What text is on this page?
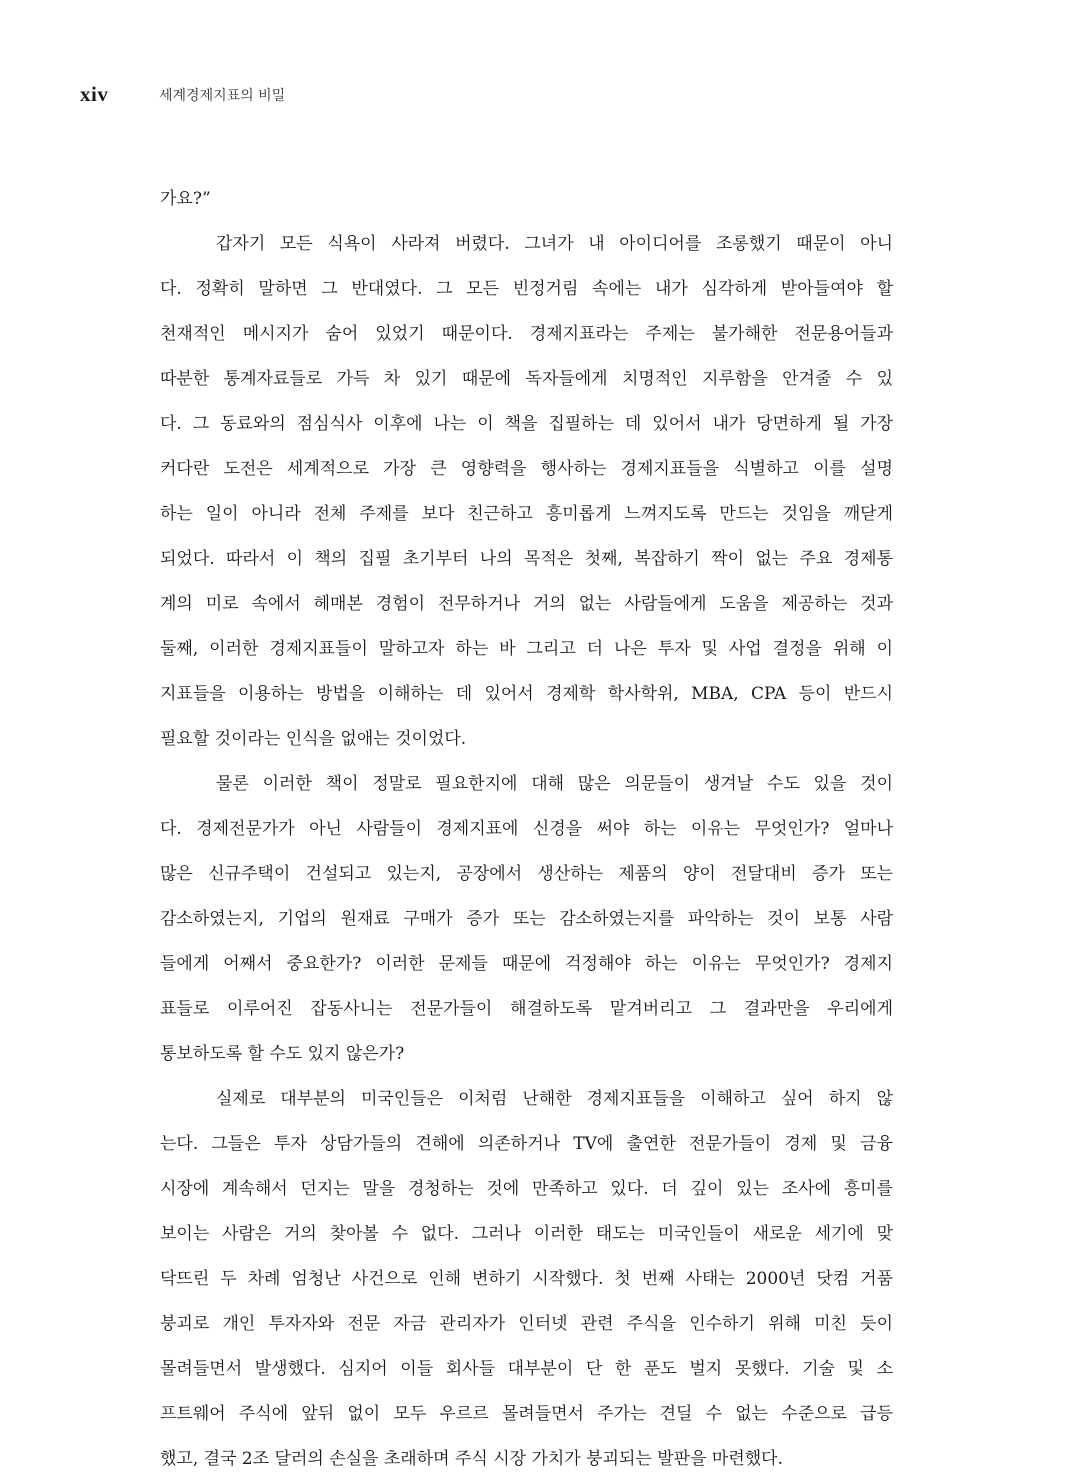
xiv	세계경제지표의 비밀
가요?”
갑자기 모든 식욕이 사라져 버렸다. 그녀가 내 아이디어를 조롱했기 때문이 아니
다. 정확히 말하면 그 반대였다. 그 모든 빈정거림 속에는 내가 심각하게 받아들여야 할
천재적인 메시지가 숨어 있었기 때문이다. 경제지표라는 주제는 불가해한 전문용어들과
따분한 통계자료들로 가득 차 있기 때문에 독자들에게 치명적인 지루함을 안겨줄 수 있
다. 그 동료와의 점심식사 이후에 나는 이 책을 집필하는 데 있어서 내가 당면하게 될 가장
커다란 도전은 세계적으로 가장 큰 영향력을 행사하는 경제지표들을 식별하고 이를 설명
하는 일이 아니라 전체 주제를 보다 친근하고 흥미롭게 느껴지도록 만드는 것임을 깨닫게
되었다. 따라서 이 책의 집필 초기부터 나의 목적은 첫째, 복잡하기 짝이 없는 주요 경제통
계의 미로 속에서 헤매본 경험이 전무하거나 거의 없는 사람들에게 도움을 제공하는 것과
둘째, 이러한 경제지표들이 말하고자 하는 바 그리고 더 나은 투자 및 사업 결정을 위해 이
지표들을 이용하는 방법을 이해하는 데 있어서 경제학 학사학위, MBA, CPA 등이 반드시
필요할 것이라는 인식을 없애는 것이었다.
물론 이러한 책이 정말로 필요한지에 대해 많은 의문들이 생겨날 수도 있을 것이
다. 경제전문가가 아닌 사람들이 경제지표에 신경을 써야 하는 이유는 무엇인가? 얼마나
많은 신규주택이 건설되고 있는지, 공장에서 생산하는 제품의 양이 전달대비 증가 또는
감소하였는지, 기업의 원재료 구매가 증가 또는 감소하였는지를 파악하는 것이 보통 사람
들에게 어째서 중요한가? 이러한 문제들 때문에 걱정해야 하는 이유는 무엇인가? 경제지
표들로 이루어진 잡동사니는 전문가들이 해결하도록 맡겨버리고 그 결과만을 우리에게
통보하도록 할 수도 있지 않은가?
실제로 대부분의 미국인들은 이처럼 난해한 경제지표들을 이해하고 싶어 하지 않
는다. 그들은 투자 상담가들의 견해에 의존하거나 TV에 출연한 전문가들이 경제 및 금융
시장에 계속해서 던지는 말을 경청하는 것에 만족하고 있다. 더 깊이 있는 조사에 흥미를
보이는 사람은 거의 찾아볼 수 없다. 그러나 이러한 태도는 미국인들이 새로운 세기에 맞
닥뜨린 두 차례 엄청난 사건으로 인해 변하기 시작했다. 첫 번째 사태는 2000년 닷컴 거품
붕괴로 개인 투자자와 전문 자금 관리자가 인터넷 관련 주식을 인수하기 위해 미친 듯이
몰려들면서 발생했다. 심지어 이들 회사들 대부분이 단 한 푼도 벌지 못했다. 기술 및 소
프트웨어 주식에 앞뒤 없이 모두 우르르 몰려들면서 주가는 견딜 수 없는 수준으로 급등
했고, 결국 2조 달러의 손실을 초래하며 주식 시장 가치가 붕괴되는 발판을 마련했다.
